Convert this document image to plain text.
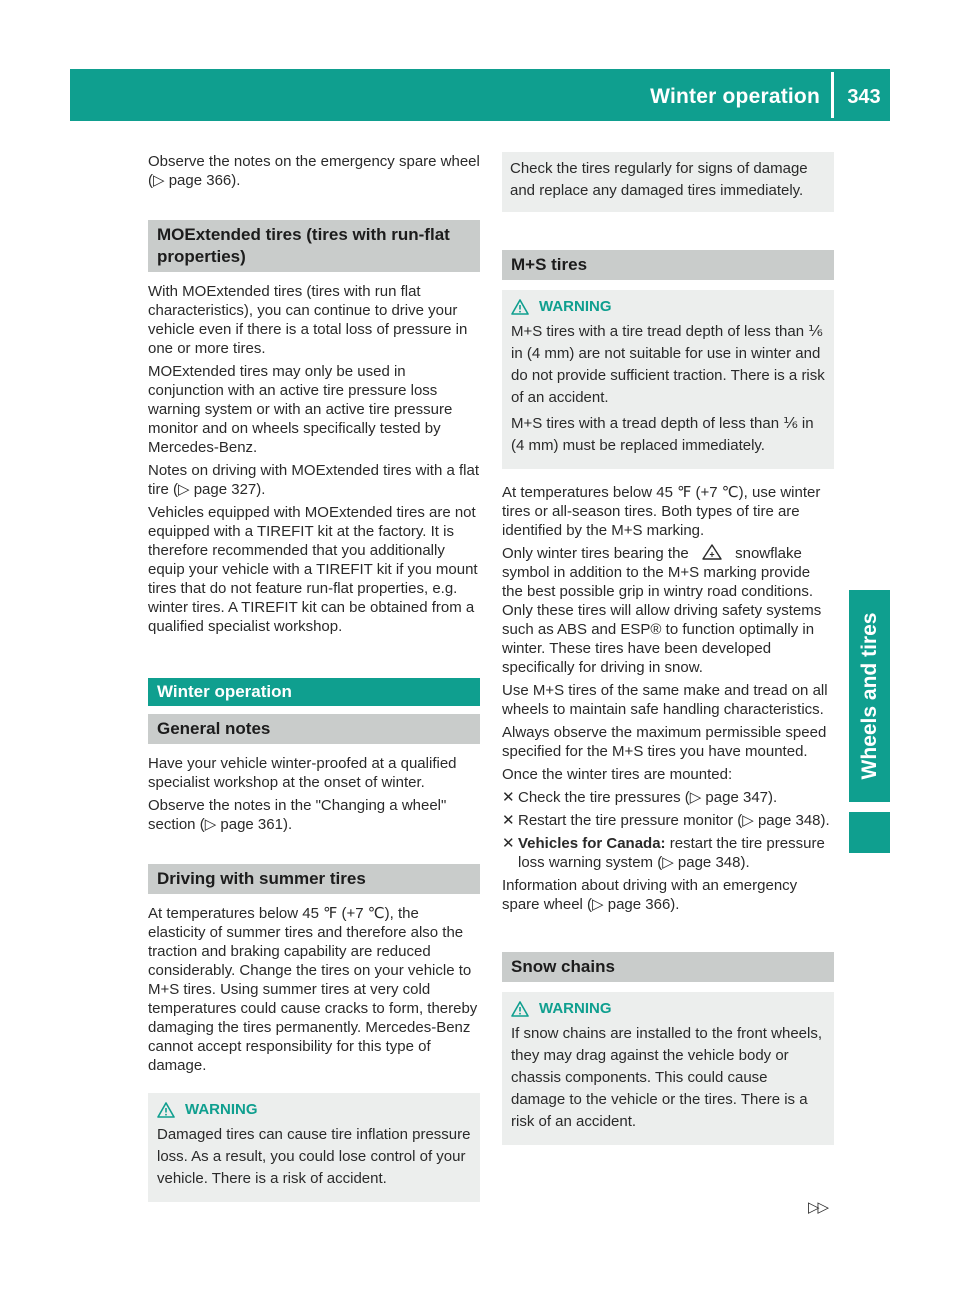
Winter operation	343
Wheels and tires

Observe the notes on the emergency spare wheel (▷ page 366).

MOExtended tires (tires with run-flat properties)

With MOExtended tires (tires with run flat characteristics), you can continue to drive your vehicle even if there is a total loss of pressure in one or more tires.

MOExtended tires may only be used in conjunction with an active tire pressure loss warning system or with an active tire pressure monitor and on wheels specifically tested by Mercedes-Benz.

Notes on driving with MOExtended tires with a flat tire (▷ page 327).

Vehicles equipped with MOExtended tires are not equipped with a TIREFIT kit at the factory. It is therefore recommended that you additionally equip your vehicle with a TIREFIT kit if you mount tires that do not feature run-flat properties, e.g. winter tires. A TIREFIT kit can be obtained from a qualified specialist workshop.

Winter operation
General notes

Have your vehicle winter-proofed at a qualified specialist workshop at the onset of winter.

Observe the notes in the "Changing a wheel" section (▷ page 361).

Driving with summer tires

At temperatures below 45 ℉ (+7 ℃), the elasticity of summer tires and therefore also the traction and braking capability are reduced considerably. Change the tires on your vehicle to M+S tires. Using summer tires at very cold temperatures could cause cracks to form, thereby damaging the tires permanently. Mercedes-Benz cannot accept responsibility for this type of damage.

WARNING

Damaged tires can cause tire inflation pressure loss. As a result, you could lose control of your vehicle. There is a risk of accident.

Check the tires regularly for signs of damage and replace any damaged tires immediately.

M+S tires
WARNING

M+S tires with a tire tread depth of less than ⅙ in (4 mm) are not suitable for use in winter and do not provide sufficient traction. There is a risk of an accident.

M+S tires with a tread depth of less than ⅙ in (4 mm) must be replaced immediately.

At temperatures below 45 ℉ (+7 ℃), use winter tires or all-season tires. Both types of tire are identified by the M+S marking.

Only winter tires bearing the	snowflake symbol in addition to the M+S marking provide the best possible grip in wintry road conditions. Only these tires will allow driving safety systems such as ABS and ESP® to function optimally in winter. These tires have been developed specifically for driving in snow.

Use M+S tires of the same make and tread on all wheels to maintain safe handling characteristics.

Always observe the maximum permissible speed specified for the M+S tires you have mounted.

Once the winter tires are mounted:

✕ Check the tire pressures (▷ page 347).
✕ Restart the tire pressure monitor (▷ page 348).
✕ Vehicles for Canada: restart the tire pressure loss warning system (▷ page 348).

Information about driving with an emergency spare wheel (▷ page 366).

Snow chains
WARNING

If snow chains are installed to the front wheels, they may drag against the vehicle body or chassis components. This could cause damage to the vehicle or the tires. There is a risk of an accident.

▷▷
